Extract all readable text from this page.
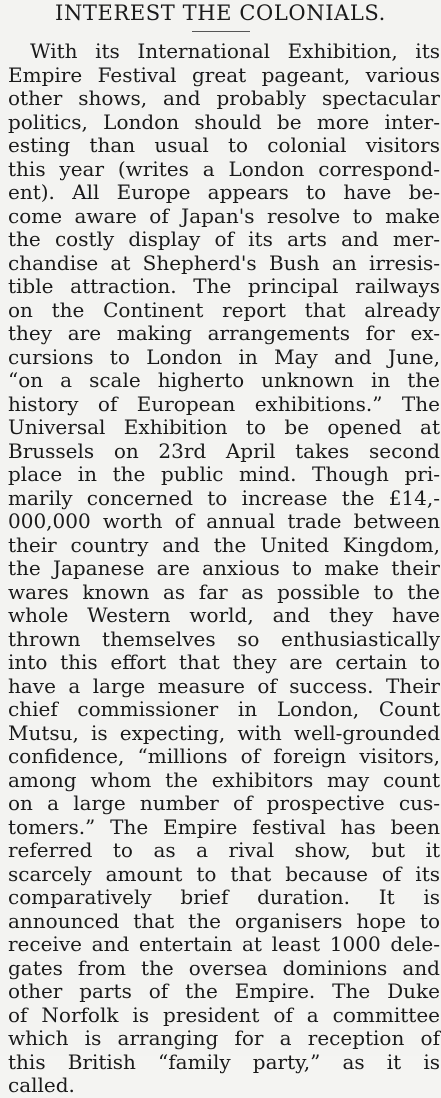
INTEREST THE COLONIALS.
With its International Exhibition, its
Empire Festival great pageant, various
other shows, and probably spectacular
politics, London should be more inter-
esting than usual to colonial visitors
this year (writes a London correspond-
ent). All Europe appears to have be-
come aware of Japan's resolve to make
the costly display of its arts and mer-
chandise at Shepherd's Bush an irresis-
tible attraction. The principal railways
on the Continent report that already
they are making arrangements for ex-
cursions to London in May and June,
“on a scale higherto unknown in the
history of European exhibitions.” The
Universal Exhibition to be opened at
Brussels on 23rd April takes second
place in the public mind. Though pri-
marily concerned to increase the £14,-
000,000 worth of annual trade between
their country and the United Kingdom,
the Japanese are anxious to make their
wares known as far as possible to the
whole Western world, and they have
thrown themselves so enthusiastically
into this effort that they are certain to
have a large measure of success. Their
chief commissioner in London, Count
Mutsu, is expecting, with well-grounded
confidence, “millions of foreign visitors,
among whom the exhibitors may count
on a large number of prospective cus-
tomers.” The Empire festival has been
referred to as a rival show, but it
scarcely amount to that because of its
comparatively brief duration. It is
announced that the organisers hope to
receive and entertain at least 1000 dele-
gates from the oversea dominions and
other parts of the Empire. The Duke
of Norfolk is president of a committee
which is arranging for a reception of
this British “family party,” as it is
called.
